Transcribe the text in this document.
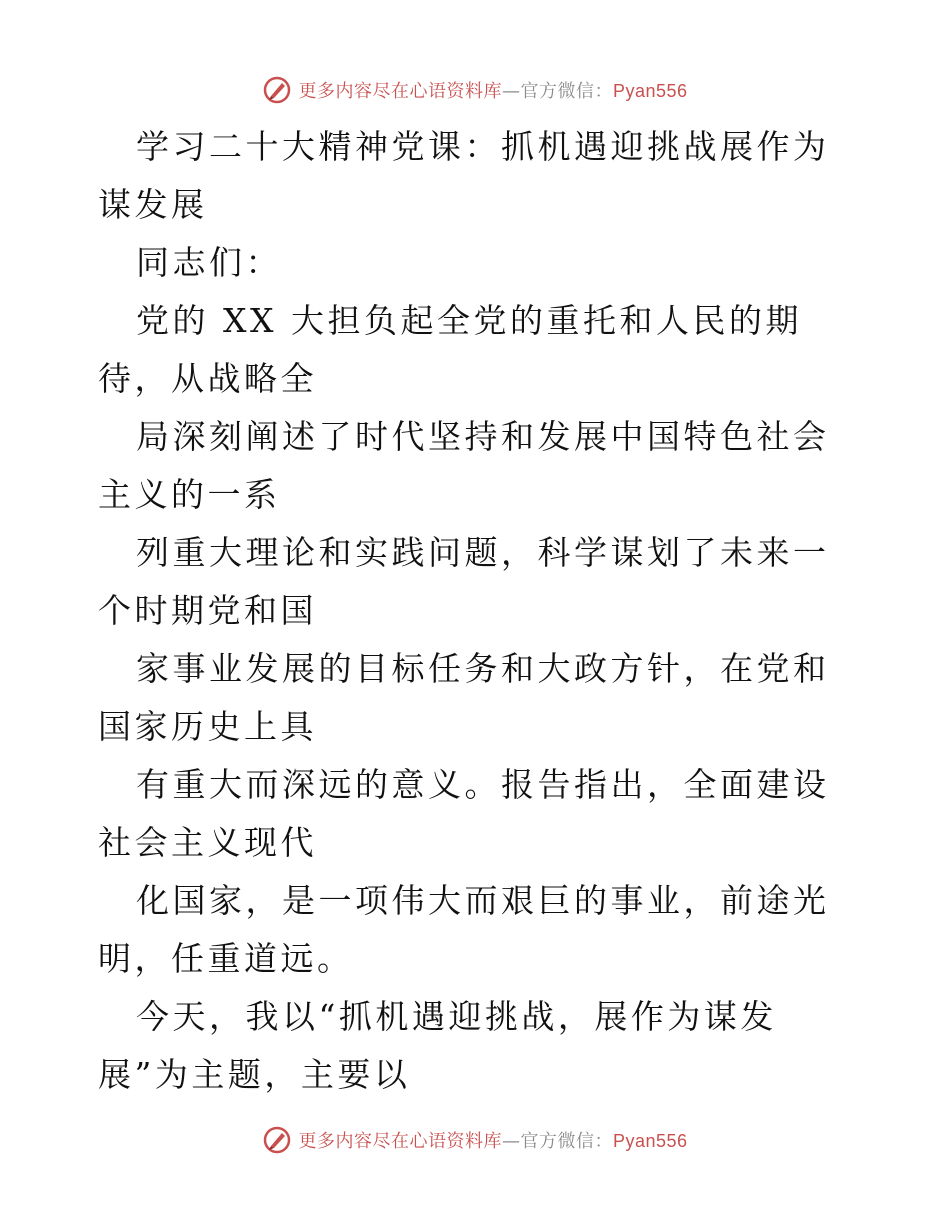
更多内容尽在心语资料库—官方微信：Pyan556

学习二十大精神党课：抓机遇迎挑战展作为谋发展

同志们：

党的 XX 大担负起全党的重托和人民的期待，从战略全

局深刻阐述了时代坚持和发展中国特色社会主义的一系

列重大理论和实践问题，科学谋划了未来一个时期党和国

家事业发展的目标任务和大政方针，在党和国家历史上具

有重大而深远的意义。报告指出，全面建设社会主义现代

化国家，是一项伟大而艰巨的事业，前途光明，任重道远。

今天，我以“抓机遇迎挑战，展作为谋发展”为主题，主要以

更多内容尽在心语资料库—官方微信：Pyan556
